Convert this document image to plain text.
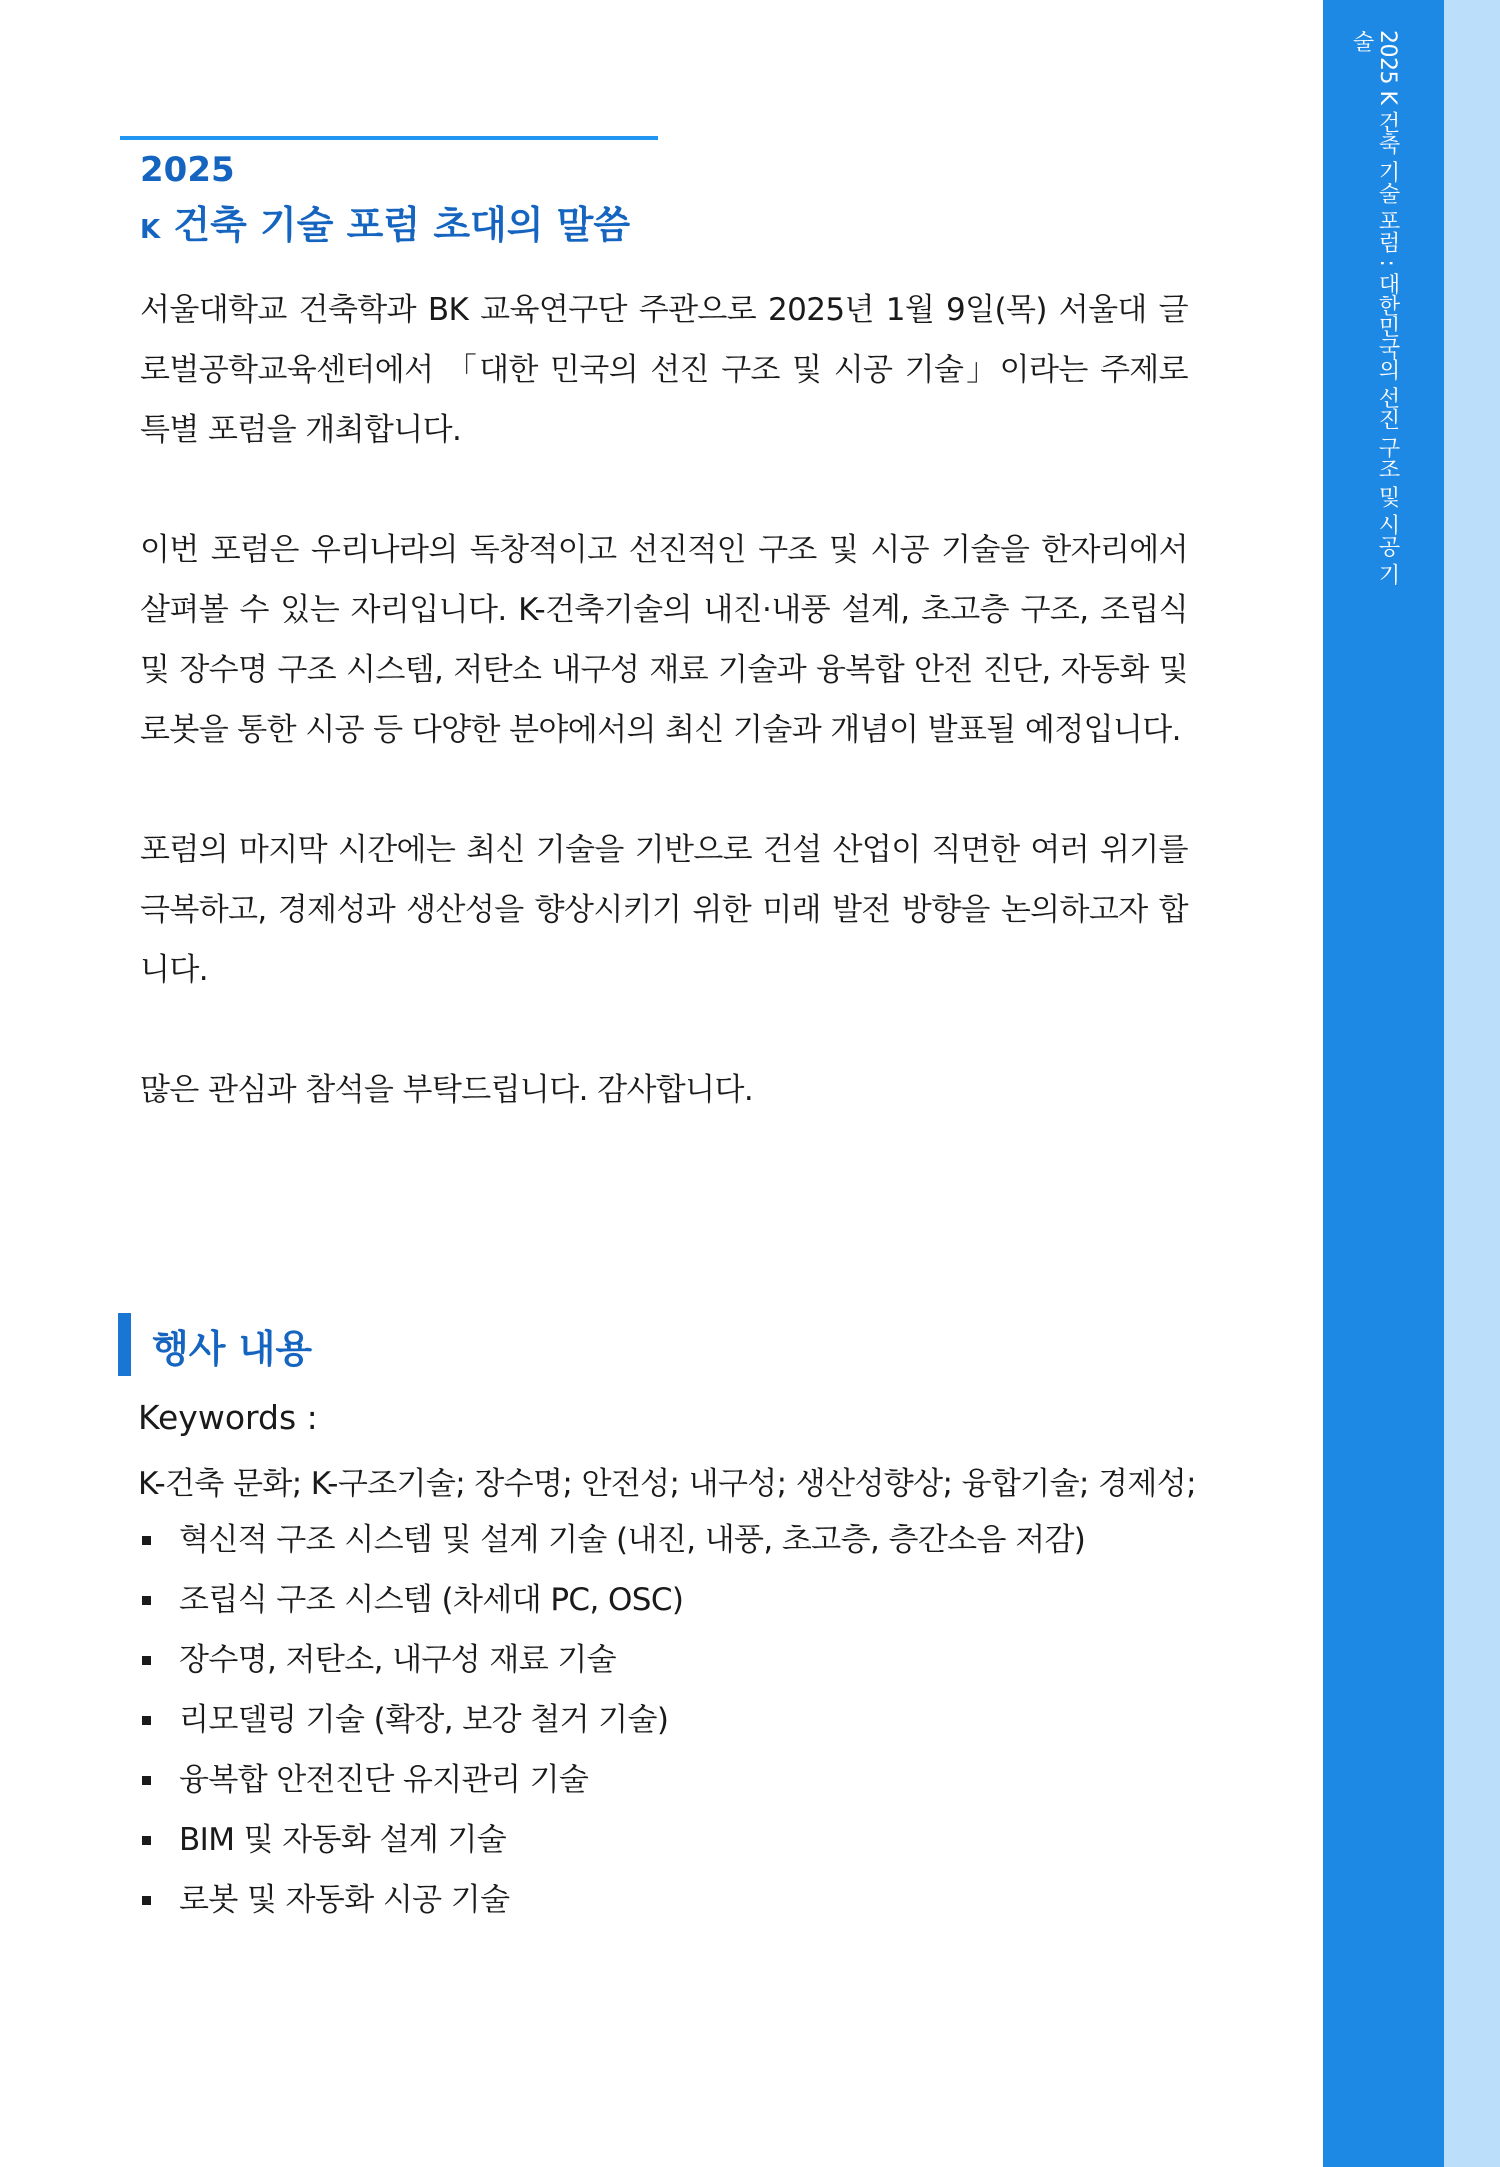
2025 K 건축 기술 포럼 : 대한민국의 선진 구조 및 시공 기술
2025
K 건축 기술 포럼 초대의 말씀

서울대학교 건축학과 BK 교육연구단 주관으로 2025년 1월 9일(목) 서울대 글로벌공학교육센터에서 「대한 민국의 선진 구조 및 시공 기술」이라는 주제로 특별 포럼을 개최합니다.

이번 포럼은 우리나라의 독창적이고 선진적인 구조 및 시공 기술을 한자리에서 살펴볼 수 있는 자리입니다. K-건축기술의 내진·내풍 설계, 초고층 구조, 조립식 및 장수명 구조 시스템, 저탄소 내구성 재료 기술과 융복합 안전 진단, 자동화 및 로봇을 통한 시공 등 다양한 분야에서의 최신 기술과 개념이 발표될 예정입니다.

포럼의 마지막 시간에는 최신 기술을 기반으로 건설 산업이 직면한 여러 위기를 극복하고, 경제성과 생산성을 향상시키기 위한 미래 발전 방향을 논의하고자 합니다.

많은 관심과 참석을 부탁드립니다. 감사합니다.

행사 내용
Keywords :
K-건축 문화; K-구조기술; 장수명; 안전성; 내구성; 생산성향상; 융합기술; 경제성;
혁신적 구조 시스템 및 설계 기술 (내진, 내풍, 초고층, 층간소음 저감)
조립식 구조 시스템 (차세대 PC, OSC)
장수명, 저탄소, 내구성 재료 기술
리모델링 기술 (확장, 보강 철거 기술)
융복합 안전진단 유지관리 기술
BIM 및 자동화 설계 기술
로봇 및 자동화 시공 기술
